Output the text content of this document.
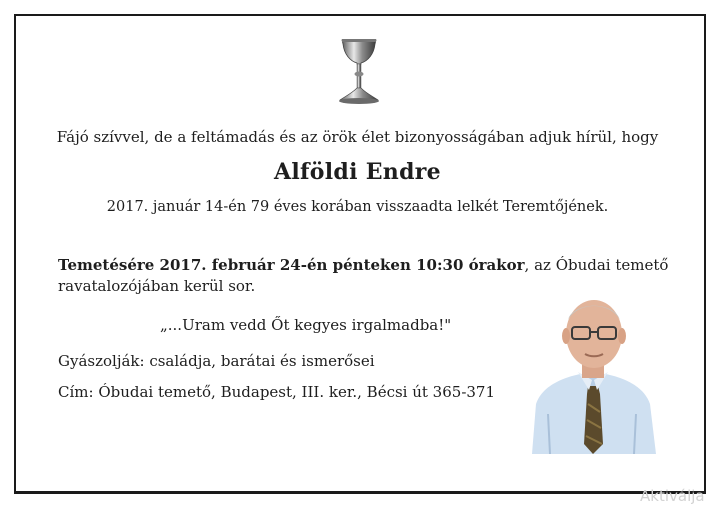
Fájó szívvel, de a feltámadás és az örök élet bizonyosságában adjuk hírül, hogy
Alföldi Endre
2017. január 14-én 79 éves korában visszaadta lelkét Teremtőjének.
Temetésére 2017. február 24-én pénteken 10:30 órakor, az Óbudai temető
ravatalozójában kerül sor.
„...Uram vedd Őt kegyes irgalmadba!"
Gyászolják: családja, barátai és ismerősei
Cím: Óbudai temető, Budapest, III. ker., Bécsi út 365-371
Aktiválja
